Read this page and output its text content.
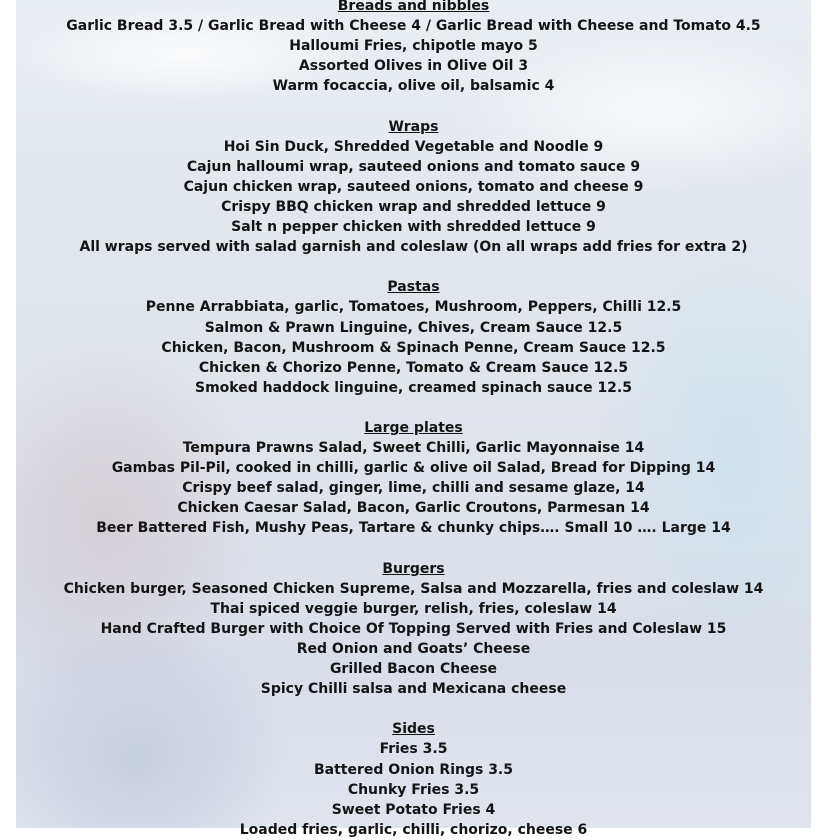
Breads and nibbles
Garlic Bread 3.5 / Garlic Bread with Cheese 4 / Garlic Bread with Cheese and Tomato 4.5
Halloumi Fries, chipotle mayo 5
Assorted Olives in Olive Oil 3
Warm focaccia, olive oil, balsamic 4
Wraps
Hoi Sin Duck, Shredded Vegetable and Noodle 9
Cajun halloumi wrap, sauteed onions and tomato sauce 9
Cajun chicken wrap, sauteed onions, tomato and cheese 9
Crispy BBQ chicken wrap and shredded lettuce 9
Salt n pepper chicken with shredded lettuce 9
All wraps served with salad garnish and coleslaw (On all wraps add fries for extra 2)
Pastas
Penne Arrabbiata, garlic, Tomatoes, Mushroom, Peppers, Chilli 12.5
Salmon & Prawn Linguine, Chives, Cream Sauce 12.5
Chicken, Bacon, Mushroom & Spinach Penne, Cream Sauce 12.5
Chicken & Chorizo Penne, Tomato & Cream Sauce 12.5
Smoked haddock linguine, creamed spinach sauce 12.5
Large plates
Tempura Prawns Salad, Sweet Chilli, Garlic Mayonnaise 14
Gambas Pil-Pil, cooked in chilli, garlic & olive oil Salad, Bread for Dipping 14
Crispy beef salad, ginger, lime, chilli and sesame glaze, 14
Chicken Caesar Salad, Bacon, Garlic Croutons, Parmesan 14
Beer Battered Fish, Mushy Peas, Tartare & chunky chips…. Small 10 …. Large 14
Burgers
Chicken burger, Seasoned Chicken Supreme, Salsa and Mozzarella, fries and coleslaw 14
Thai spiced veggie burger, relish, fries, coleslaw 14
Hand Crafted Burger with Choice Of Topping Served with Fries and Coleslaw 15
Red Onion and Goats’ Cheese
Grilled Bacon Cheese
Spicy Chilli salsa and Mexicana cheese
Sides
Fries 3.5
Battered Onion Rings 3.5
Chunky Fries 3.5
Sweet Potato Fries 4
Loaded fries, garlic, chilli, chorizo, cheese 6
